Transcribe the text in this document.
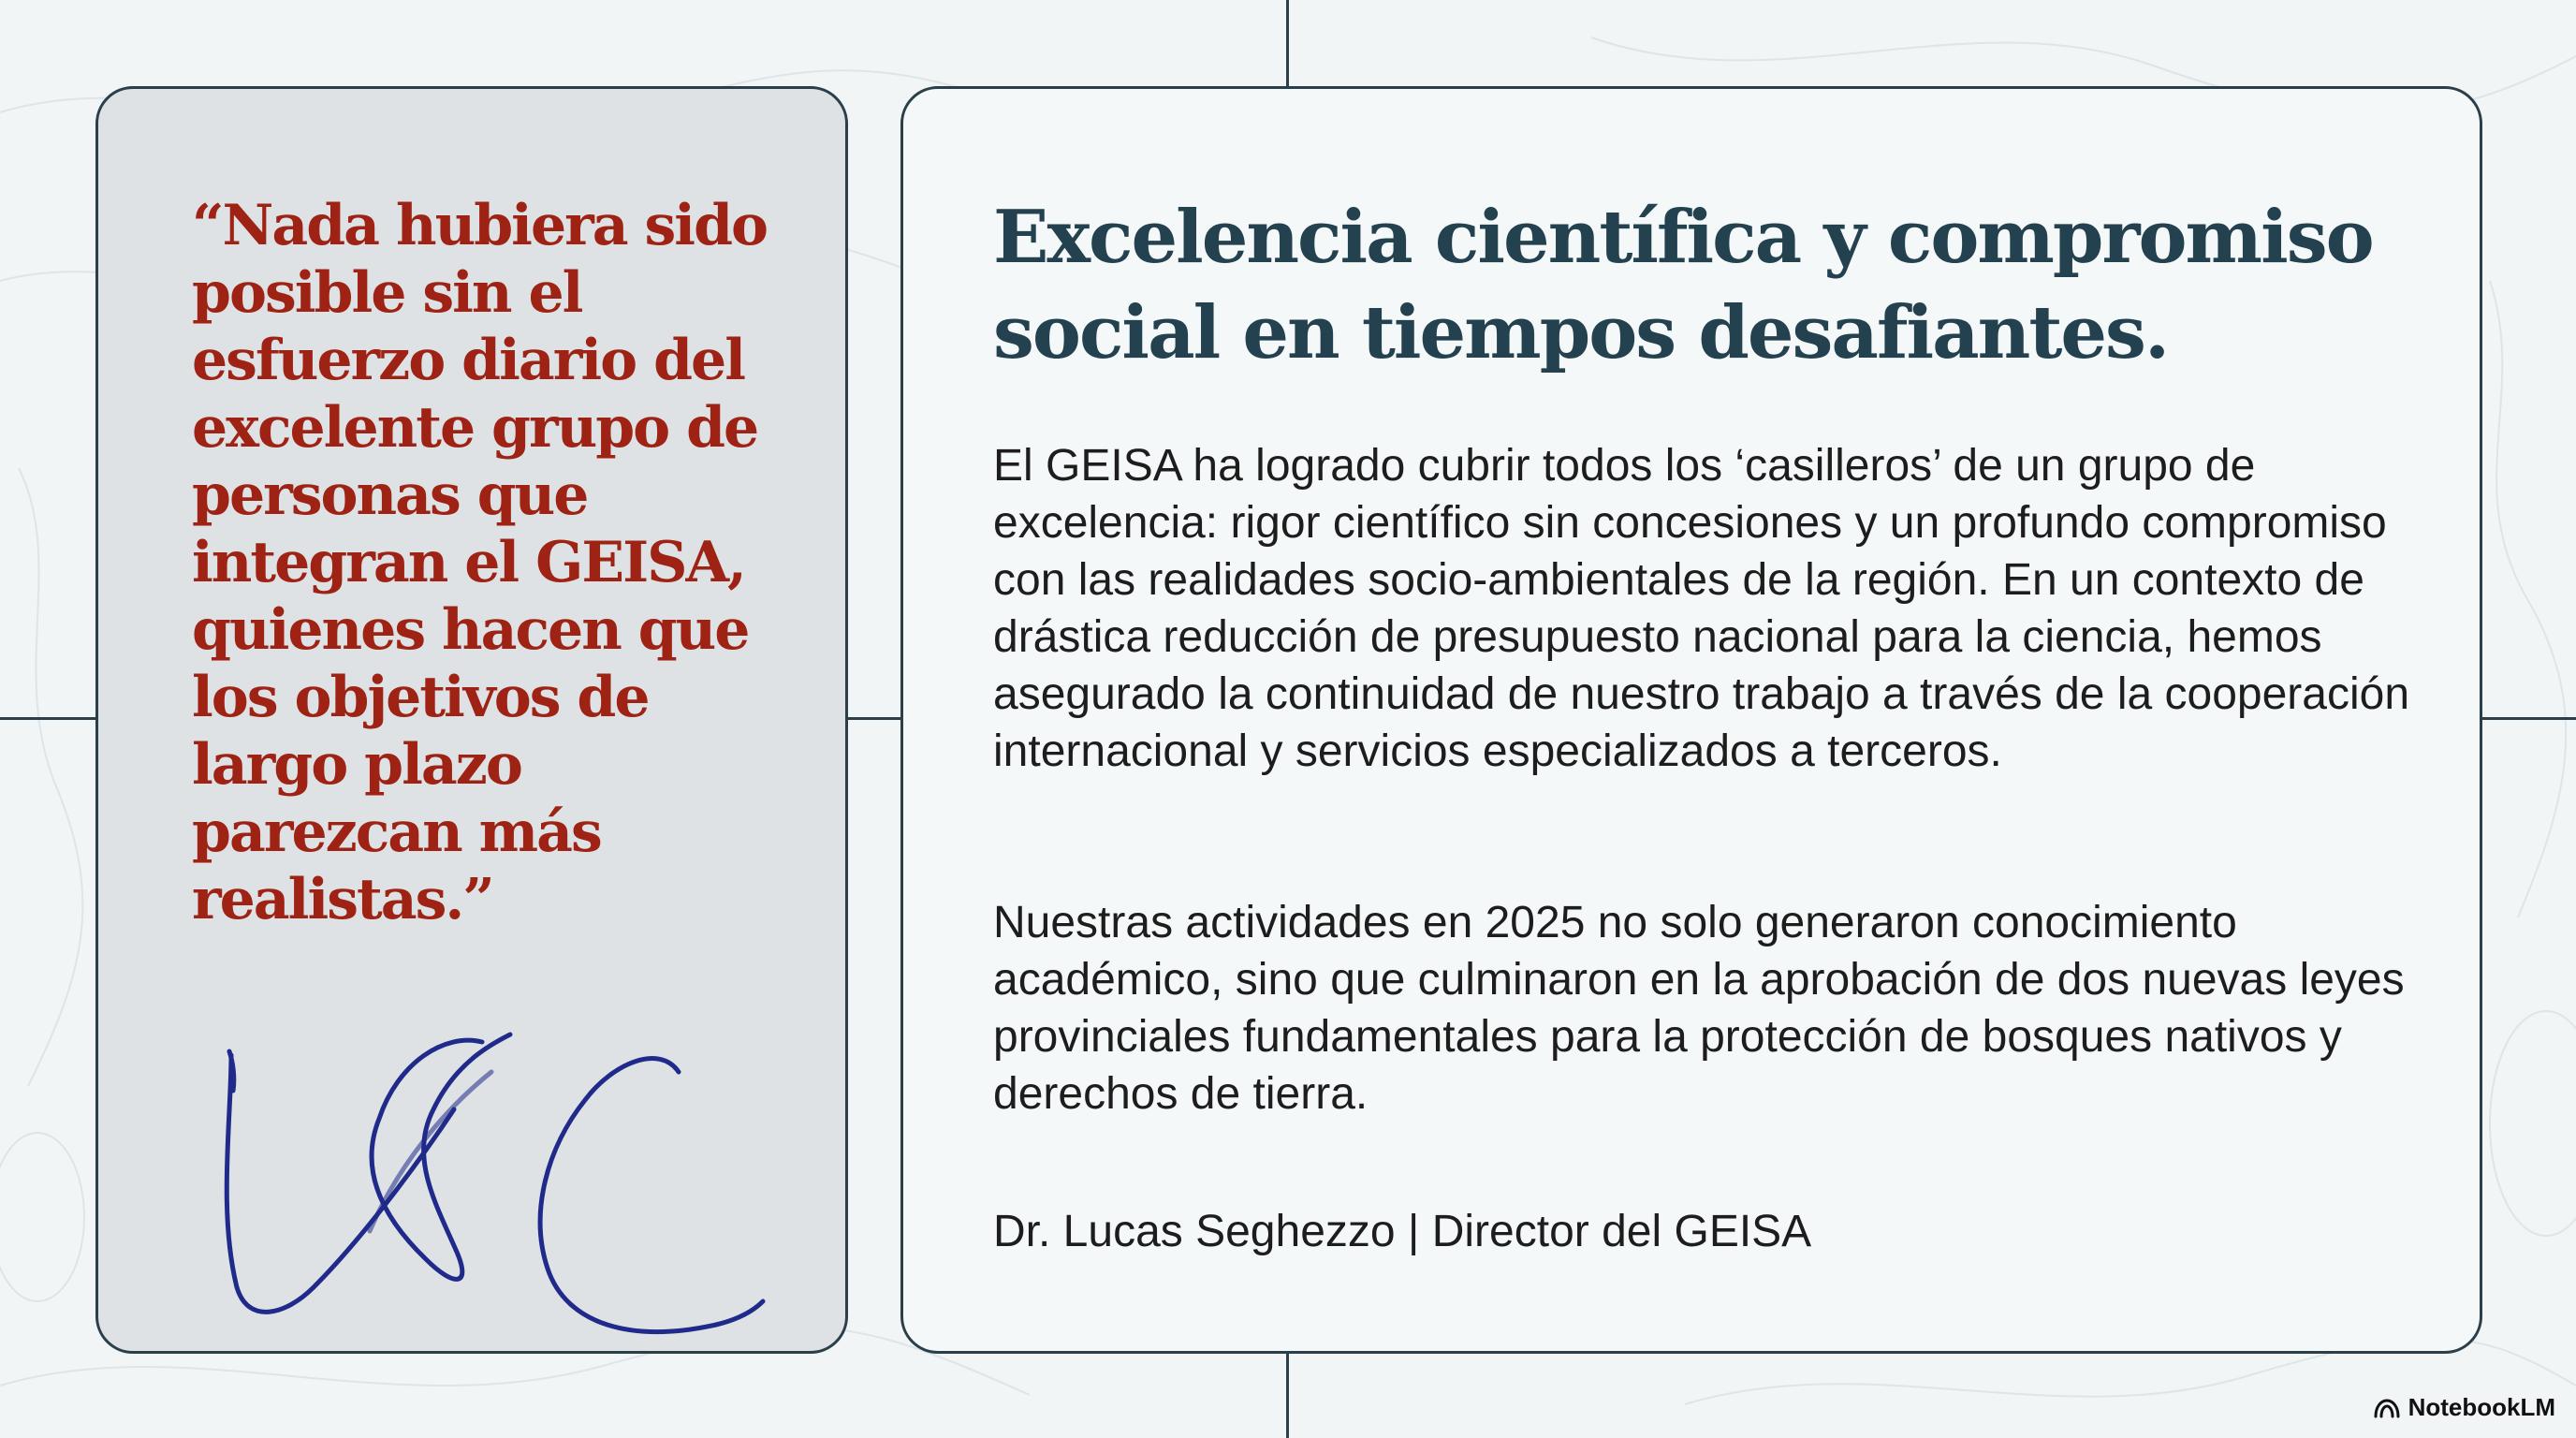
“Nada hubiera sido posible sin el esfuerzo diario del excelente grupo de personas que integran el GEISA, quienes hacen que los objetivos de largo plazo parezcan más realistas.”

Excelencia científica y compromiso social en tiempos desafiantes.

El GEISA ha logrado cubrir todos los ‘casilleros’ de un grupo de excelencia: rigor científico sin concesiones y un profundo compromiso con las realidades socio-ambientales de la región. En un contexto de drástica reducción de presupuesto nacional para la ciencia, hemos asegurado la continuidad de nuestro trabajo a través de la cooperación internacional y servicios especializados a terceros.

Nuestras actividades en 2025 no solo generaron conocimiento académico, sino que culminaron en la aprobación de dos nuevas leyes provinciales fundamentales para la protección de bosques nativos y derechos de tierra.

Dr. Lucas Seghezzo | Director del GEISA

NotebookLM
